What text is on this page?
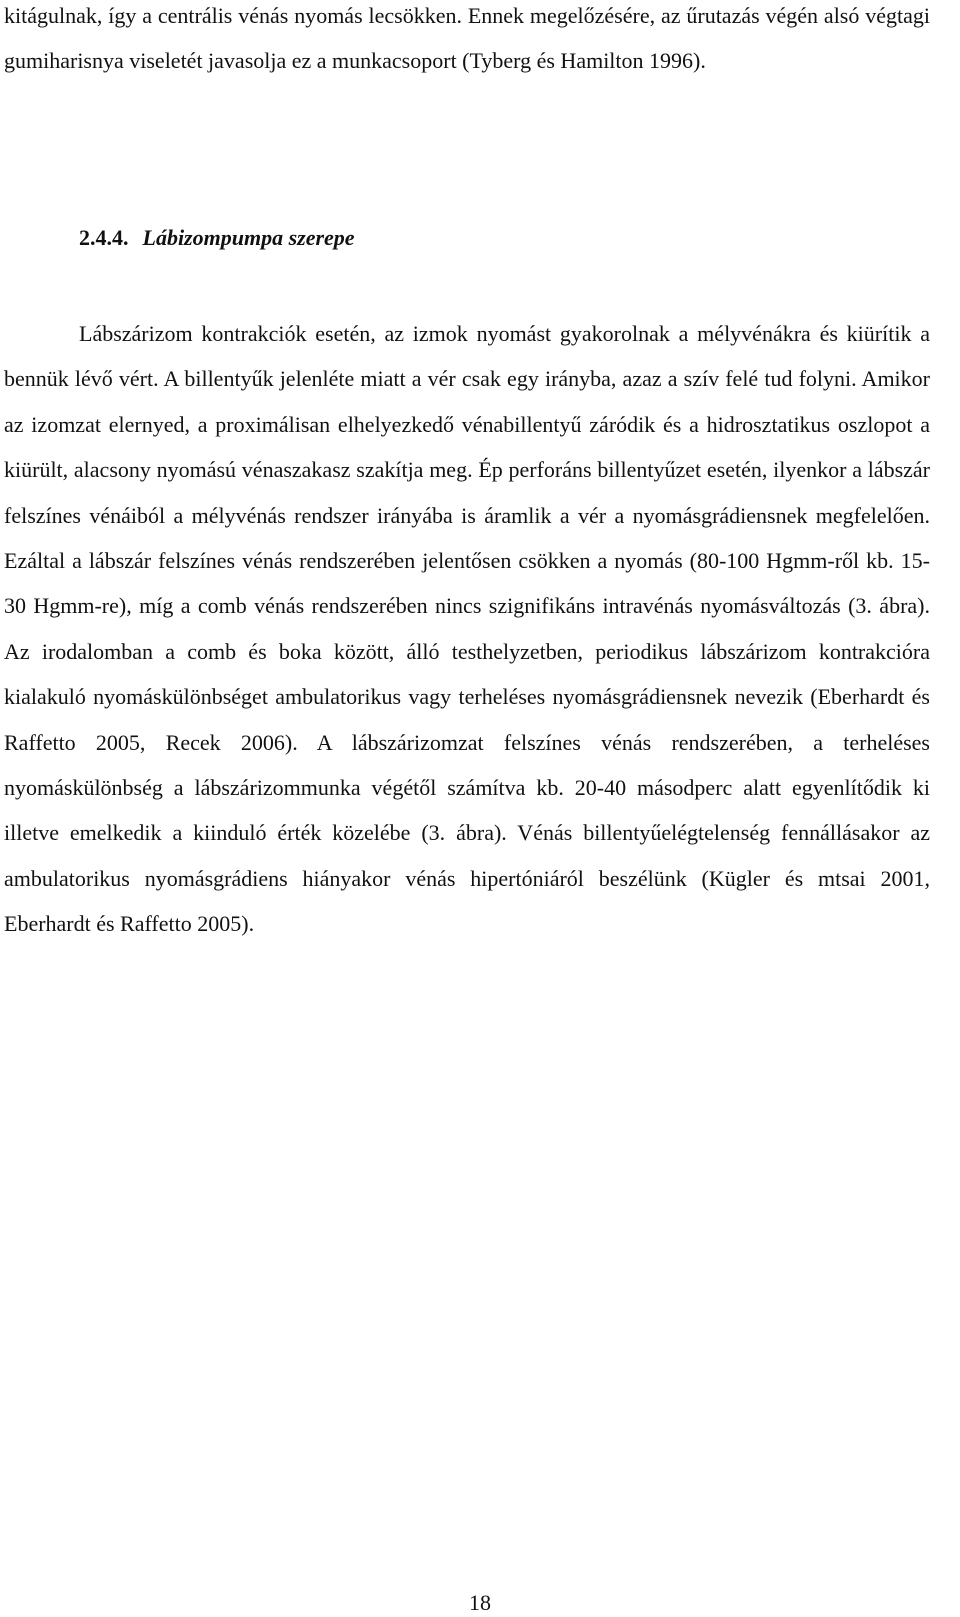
kitágulnak, így a centrális vénás nyomás lecsökken. Ennek megelőzésére, az űrutazás végén alsó végtagi gumiharisnya viseletét javasolja ez a munkacsoport (Tyberg és Hamilton 1996).

2.4.4. Lábizompumpa szerepe

Lábszárizom kontrakciók esetén, az izmok nyomást gyakorolnak a mélyvénákra és kiürítik a bennük lévő vért. A billentyűk jelenléte miatt a vér csak egy irányba, azaz a szív felé tud folyni. Amikor az izomzat elernyed, a proximálisan elhelyezkedő vénabillentyű záródik és a hidrosztatikus oszlopot a kiürült, alacsony nyomású vénaszakasz szakítja meg. Ép perforáns billentyűzet esetén, ilyenkor a lábszár felszínes vénáiból a mélyvénás rendszer irányába is áramlik a vér a nyomásgrádiensnek megfelelően. Ezáltal a lábszár felszínes vénás rendszerében jelentősen csökken a nyomás (80-100 Hgmm-ről kb. 15-30 Hgmm-re), míg a comb vénás rendszerében nincs szignifikáns intravénás nyomásváltozás (3. ábra). Az irodalomban a comb és boka között, álló testhelyzetben, periodikus lábszárizom kontrakcióra kialakuló nyomáskülönbséget ambulatorikus vagy terheléses nyomásgrádiensnek nevezik (Eberhardt és Raffetto 2005, Recek 2006). A lábszárizomzat felszínes vénás rendszerében, a terheléses nyomáskülönbség a lábszárizommunka végétől számítva kb. 20-40 másodperc alatt egyenlítődik ki illetve emelkedik a kiinduló érték közelébe (3. ábra). Vénás billentyűelégtelenség fennállásakor az ambulatorikus nyomásgrádiens hiányakor vénás hipertóniáról beszélünk (Kügler és mtsai 2001, Eberhardt és Raffetto 2005).

18
